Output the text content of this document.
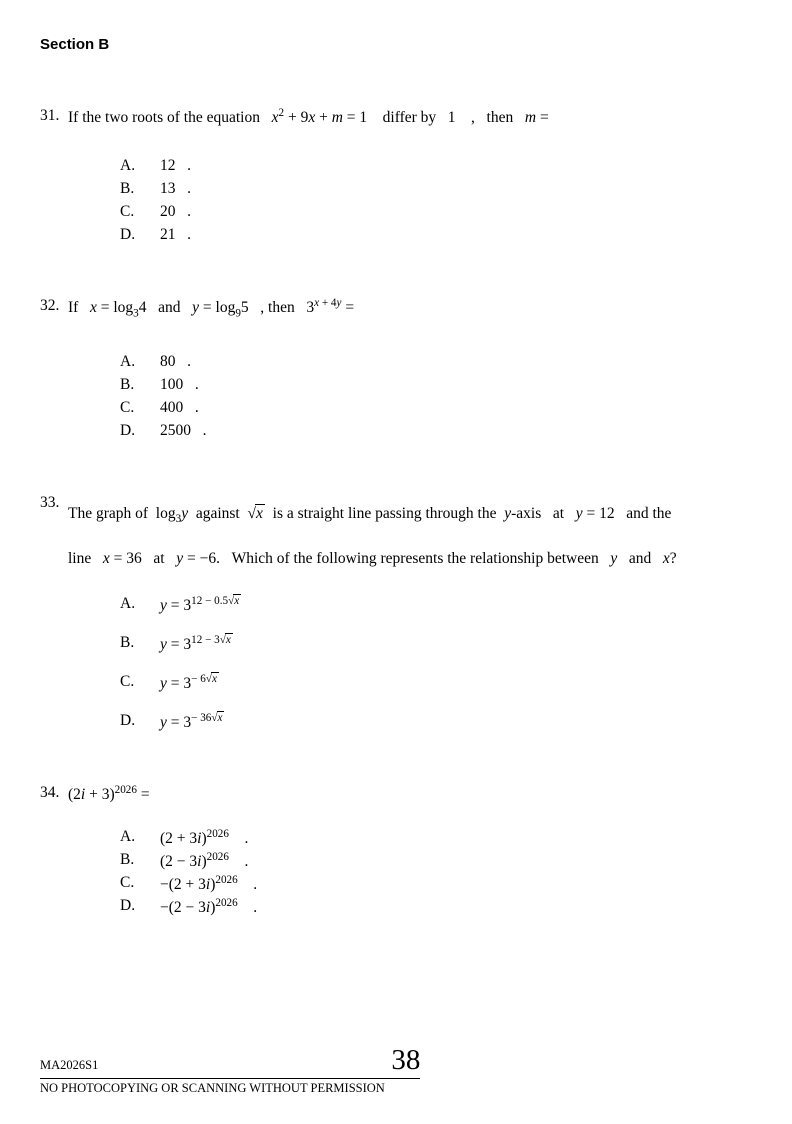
Section B
31. If the two roots of the equation   $x^2 + 9x + m = 1$    differ by   1    ,   then   m =
A.	12   .
B.	13   .
C.	20   .
D.	21   .
32. If   $x = \log_34$   and   $y = \log_95$   , then   $3^{x + 4y}$ =
A.	80   .
B.	100   .
C.	400   .
D.	2500   .
33.
The graph of  $\log_3y$  against  √x  is a straight line passing through the  y-axis   at   y = 12   and the
line   x = 36   at   y = −6.   Which of the following represents the relationship between   y   and   x?
A.	$y = 3^{12 - 0.5√x}$
B.	$y = 3^{12 - 3√x}$
C.	$y = 3^{- 6√x}$
D.	$y = 3^{- 36√x}$
34. $(2i + 3)^{2026}$ =
A.	$(2 + 3i)^{2026}$    .
B.	$(2 - 3i)^{2026}$    .
C.	$-(2 + 3i)^{2026}$    .
D.	$-(2 - 3i)^{2026}$    .
MA2026S1	38
NO PHOTOCOPYING OR SCANNING WITHOUT PERMISSION
